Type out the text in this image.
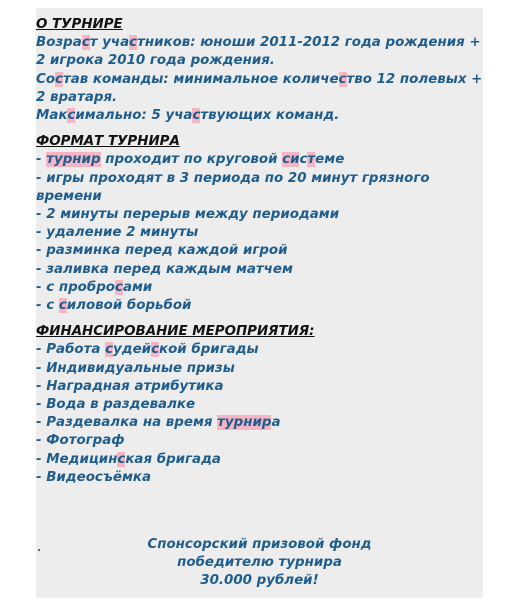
О ТУРНИРЕ
Возраст участников: юноши 2011-2012 года рождения + 2 игрока 2010 года рождения.
Состав команды: минимальное количество 12 полевых + 2 вратаря.
Максимально: 5 участвующих команд.
ФОРМАТ ТУРНИРА
- турнир проходит по круговой системе
- игры проходят в 3 периода по 20 минут грязного времени
- 2 минуты перерыв между периодами
- удаление 2 минуты
- разминка перед каждой игрой
- заливка перед каждым матчем
- с пробросами
- с силовой борьбой
ФИНАНСИРОВАНИЕ МЕРОПРИЯТИЯ:
- Работа судейской бригады
- Индивидуальные призы
- Наградная атрибутика
- Вода в раздевалке
- Раздевалка на время турнира
- Фотограф
- Медицинская бригада
- Видеосъёмка
Спонсорский призовой фонд
победителю турнира
30.000 рублей!
